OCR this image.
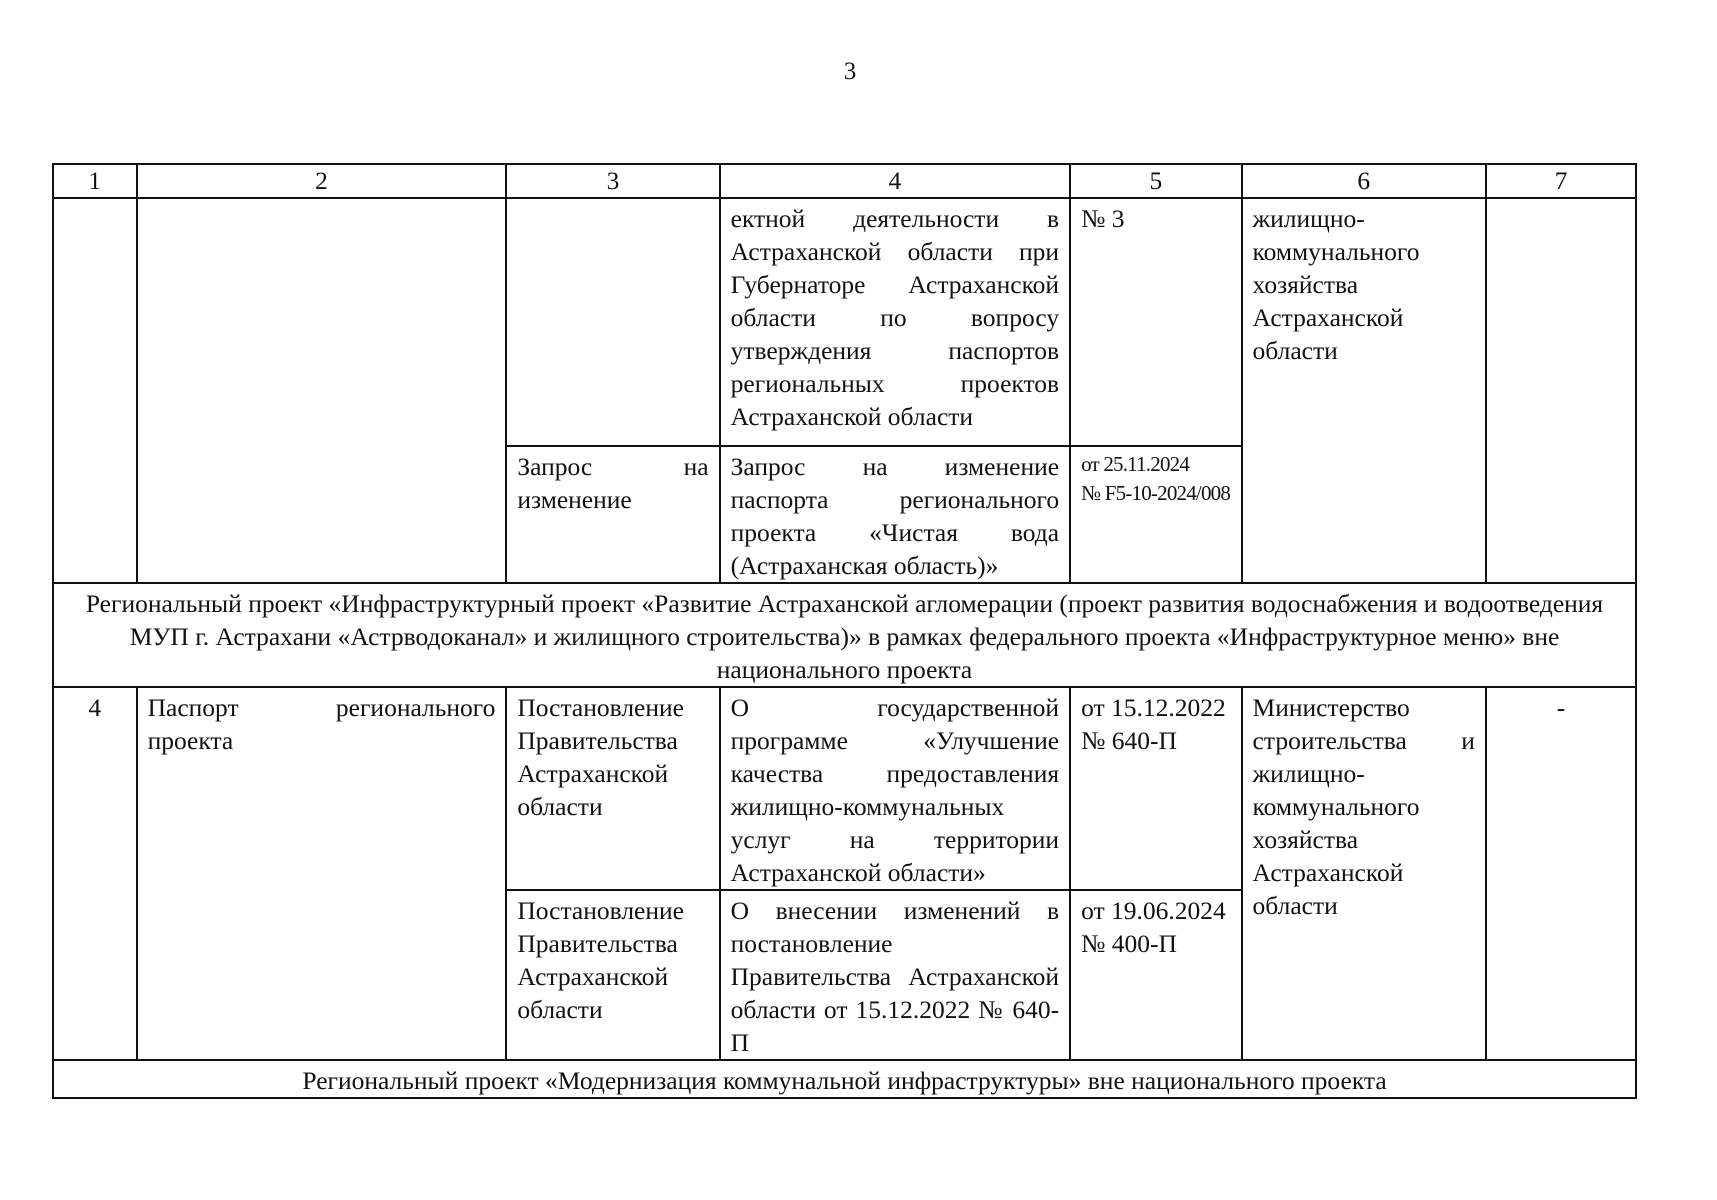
3
1	2	3	4	5	6	7
			ектной деятельности в Астраханской области при Губернаторе Астраханской области по вопросу утверждения паспортов региональных проектов Астраханской области	№ 3	жилищно-коммунального хозяйства Астраханской области	
		Запрос на изменение	Запрос на изменение паспорта регионального проекта «Чистая вода (Астраханская область)»	от 25.11.2024
№ F5-10-2024/008		

Региональный проект «Инфраструктурный проект «Развитие Астраханской агломерации (проект развития водоснабжения и водоотведения МУП г. Астрахани «Астрводоканал» и жилищного строительства)» в рамках федерального проекта «Инфраструктурное меню» вне национального проекта						
4	Паспорт регионального проекта	Постановление Правительства Астраханской области	О государственной программе «Улучшение качества предоставления жилищно-коммунальных услуг на территории Астраханской области»	от 15.12.2022
№ 640-П	Министерство строительства и жилищно-коммунального хозяйства Астраханской области	-
		Постановление Правительства Астраханской области	О внесении изменений в постановление Правительства Астраханской области от 15.12.2022 № 640-П	от 19.06.2024
№ 400-П		

Региональный проект «Модернизация коммунальной инфраструктуры» вне национального проекта						
